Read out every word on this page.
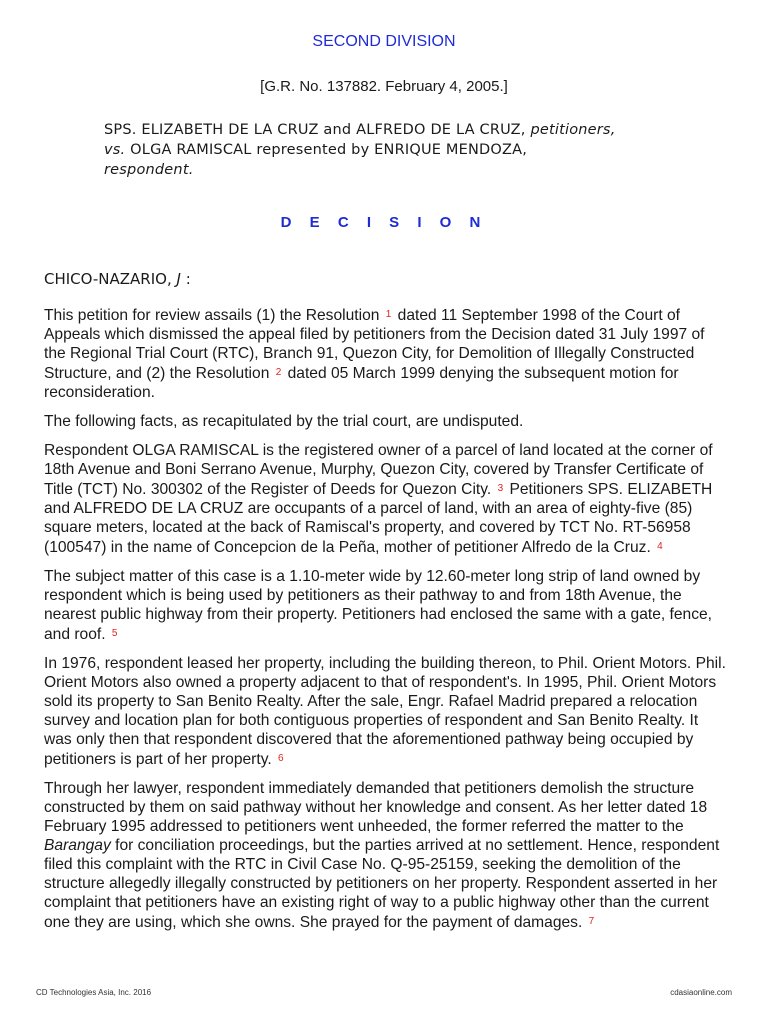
SECOND DIVISION
[G.R. No. 137882. February 4, 2005.]
SPS. ELIZABETH DE LA CRUZ and ALFREDO DE LA CRUZ, petitioners,
vs. OLGA RAMISCAL represented by ENRIQUE MENDOZA,
respondent.
D E C I S I O N
CHICO-NAZARIO, J :

This petition for review assails (1) the Resolution 1 dated 11 September 1998 of the Court of Appeals which dismissed the appeal filed by petitioners from the Decision dated 31 July 1997 of the Regional Trial Court (RTC), Branch 91, Quezon City, for Demolition of Illegally Constructed Structure, and (2) the Resolution 2 dated 05 March 1999 denying the subsequent motion for reconsideration.

The following facts, as recapitulated by the trial court, are undisputed.

Respondent OLGA RAMISCAL is the registered owner of a parcel of land located at the corner of 18th Avenue and Boni Serrano Avenue, Murphy, Quezon City, covered by Transfer Certificate of Title (TCT) No. 300302 of the Register of Deeds for Quezon City. 3 Petitioners SPS. ELIZABETH and ALFREDO DE LA CRUZ are occupants of a parcel of land, with an area of eighty-five (85) square meters, located at the back of Ramiscal's property, and covered by TCT No. RT-56958 (100547) in the name of Concepcion de la Peña, mother of petitioner Alfredo de la Cruz. 4

The subject matter of this case is a 1.10-meter wide by 12.60-meter long strip of land owned by respondent which is being used by petitioners as their pathway to and from 18th Avenue, the nearest public highway from their property. Petitioners had enclosed the same with a gate, fence, and roof. 5

In 1976, respondent leased her property, including the building thereon, to Phil. Orient Motors. Phil. Orient Motors also owned a property adjacent to that of respondent's. In 1995, Phil. Orient Motors sold its property to San Benito Realty. After the sale, Engr. Rafael Madrid prepared a relocation survey and location plan for both contiguous properties of respondent and San Benito Realty. It was only then that respondent discovered that the aforementioned pathway being occupied by petitioners is part of her property. 6

Through her lawyer, respondent immediately demanded that petitioners demolish the structure constructed by them on said pathway without her knowledge and consent. As her letter dated 18 February 1995 addressed to petitioners went unheeded, the former referred the matter to the Barangay for conciliation proceedings, but the parties arrived at no settlement. Hence, respondent filed this complaint with the RTC in Civil Case No. Q-95-25159, seeking the demolition of the structure allegedly illegally constructed by petitioners on her property. Respondent asserted in her complaint that petitioners have an existing right of way to a public highway other than the current one they are using, which she owns. She prayed for the payment of damages. 7

CD Technologies Asia, Inc. 2016	cdasiaonline.com
